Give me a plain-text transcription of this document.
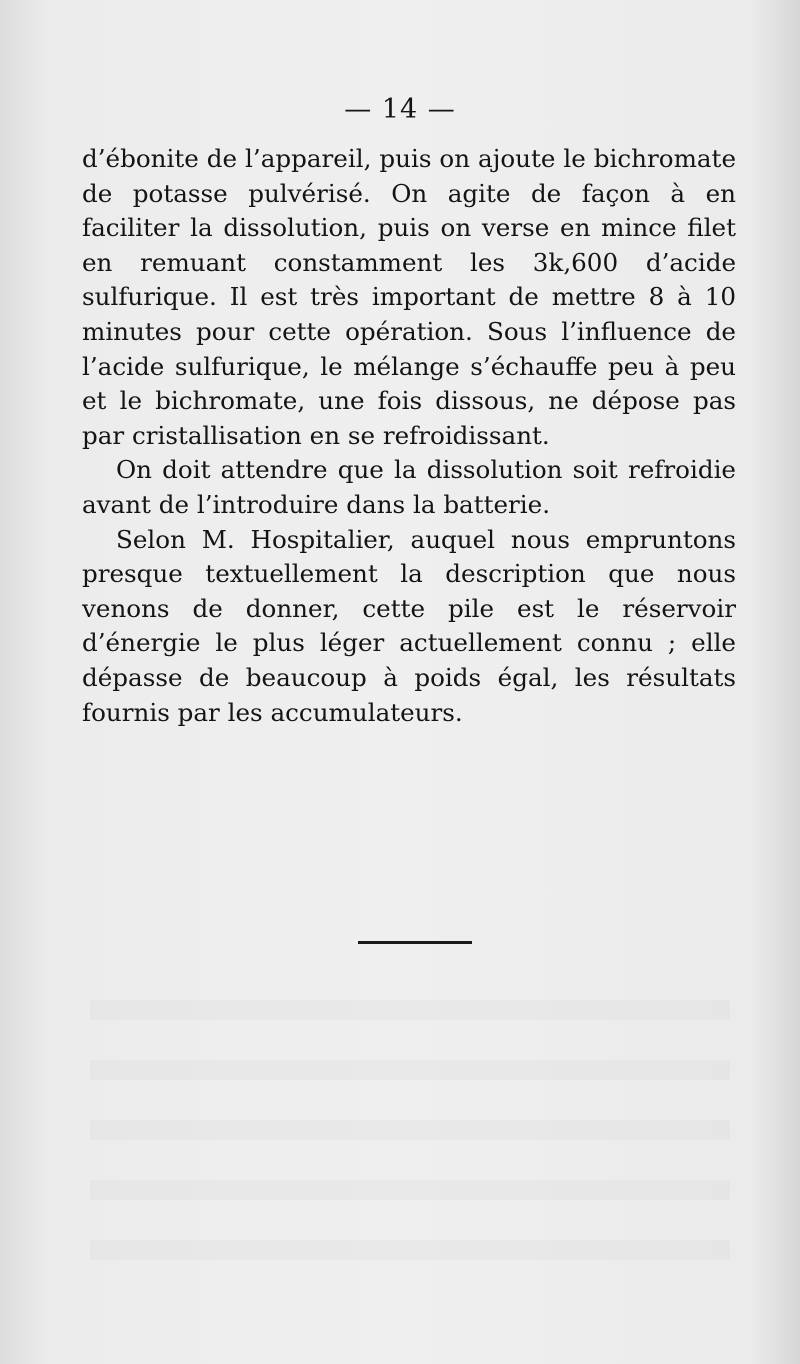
— 14 —

d’ébonite de l’appareil, puis on ajoute le bichromate de potasse pulvérisé. On agite de façon à en faciliter la dissolution, puis on verse en mince filet en remuant constamment les 3k,600 d’acide sulfurique. Il est très important de mettre 8 à 10 minutes pour cette opération. Sous l’influence de l’acide sulfurique, le mélange s’échauffe peu à peu et le bichromate, une fois dissous, ne dépose pas par cristallisation en se refroidissant.

On doit attendre que la dissolution soit refroidie avant de l’introduire dans la batterie.

Selon M. Hospitalier, auquel nous empruntons presque textuellement la description que nous venons de donner, cette pile est le réservoir d’énergie le plus léger actuellement connu ; elle dépasse de beaucoup à poids égal, les résultats fournis par les accumulateurs.
